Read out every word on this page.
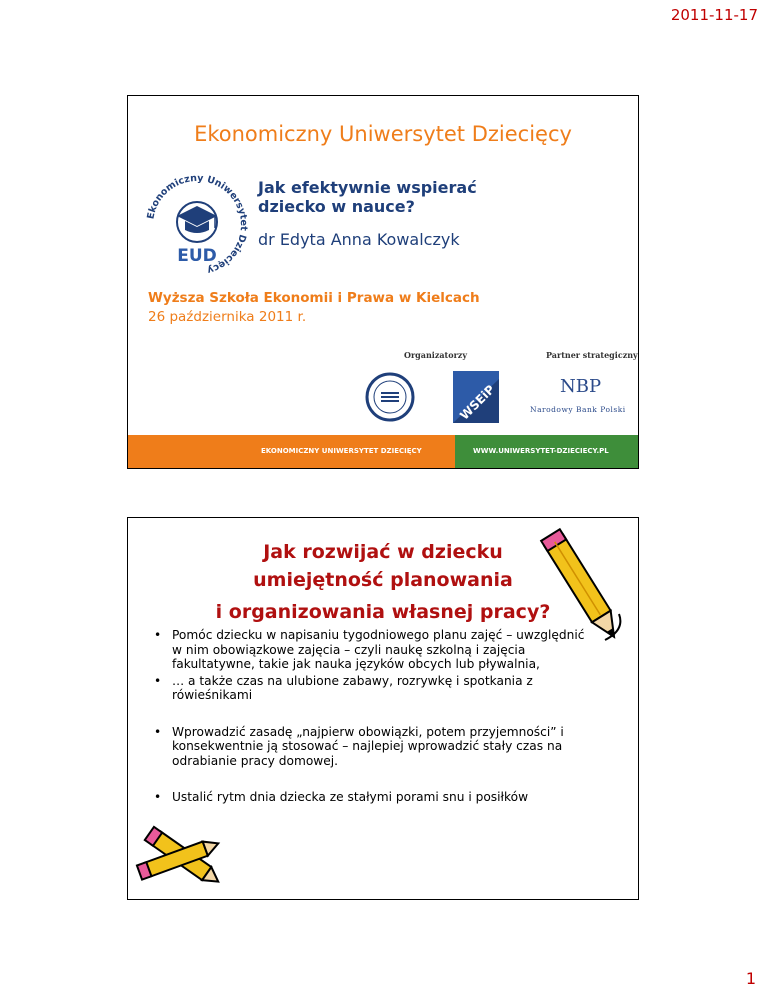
2011-11-17
Ekonomiczny Uniwersytet Dziecięcy
Ekonomiczny Uniwersytet Dziecięcy
EUD
Jak efektywnie wspierać
dziecko w nauce?
dr Edyta Anna Kowalczyk
Wyższa Szkoła Ekonomii i Prawa w Kielcach
26 października 2011 r.
Organizatorzy	Partner strategiczny
WSEiP	NBP
Narodowy Bank Polski
EKONOMICZNY UNIWERSYTET DZIECIĘCY	WWW.UNIWERSYTET-DZIECIECY.PL
Jak rozwijać w dziecku
umiejętność planowania
i organizowania własnej pracy?
• Pomóc dziecku w napisaniu tygodniowego planu zajęć – uwzględnić w nim obowiązkowe zajęcia – czyli naukę szkolną i zajęcia fakultatywne, takie jak nauka języków obcych lub pływalnia,
• … a także czas na ulubione zabawy, rozrywkę i spotkania z rówieśnikami
• Wprowadzić zasadę „najpierw obowiązki, potem przyjemności” i konsekwentnie ją stosować – najlepiej wprowadzić stały czas na odrabianie pracy domowej.
• Ustalić rytm dnia dziecka ze stałymi porami snu i posiłków
1
